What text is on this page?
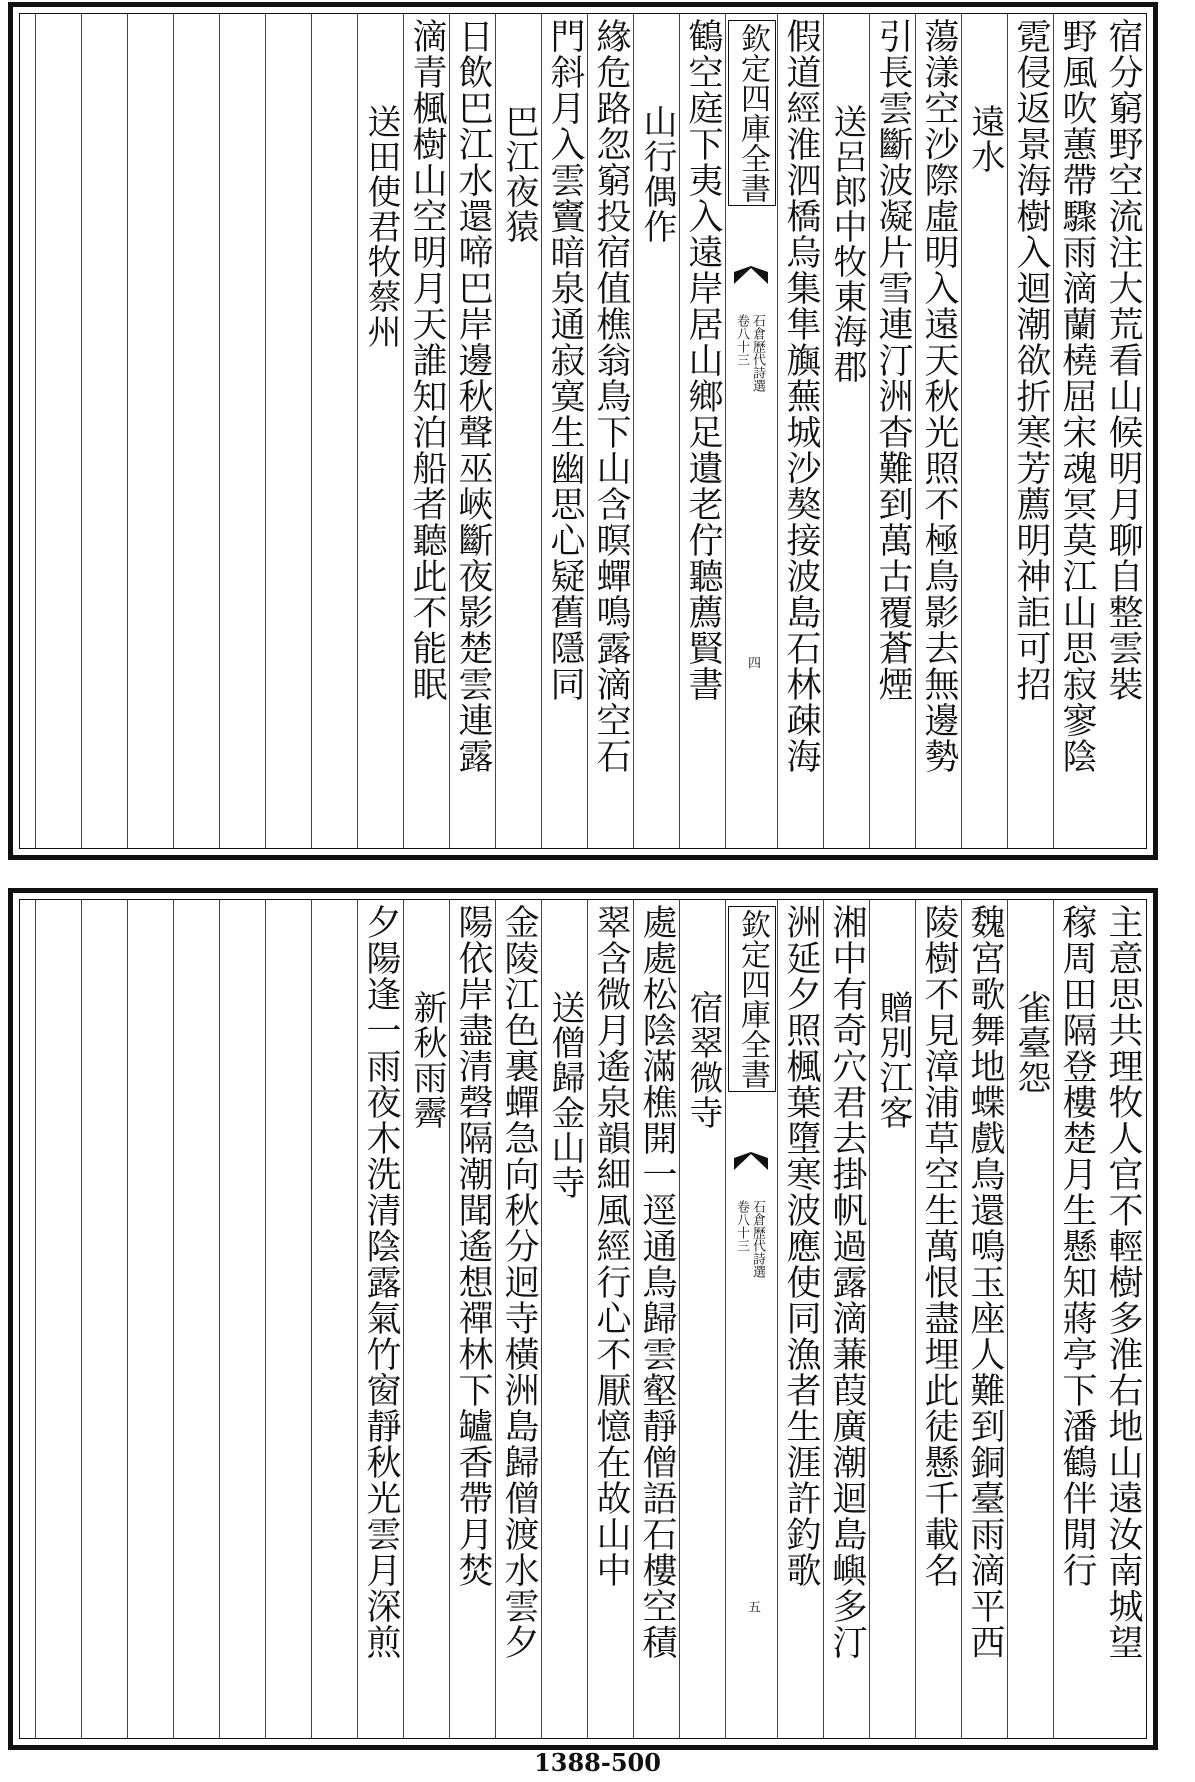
宿分窮野空流注大荒看山候明月聊自整雲裝
野風吹蕙帶驟雨滴蘭橈屈宋魂冥莫江山思寂寥陰
霓侵返景海樹入迴潮欲折寒芳薦明神詎可招
遠水
蕩漾空沙際虛明入遠天秋光照不極鳥影去無邊勢
引長雲斷波凝片雪連汀洲杳難到萬古覆蒼煙
送呂郎中牧東海郡
假道經淮泗橋烏集隼旟蕪城沙獒接波島石林疎海
欽定四庫全書
石倉歷代詩選
卷八十三
四
鶴空庭下夷入遠岸居山鄉足遺老佇聽薦賢書
山行偶作
緣危路忽窮投宿值樵翁鳥下山含暝蟬鳴露滴空石
門斜月入雲竇暗泉通寂寞生幽思心疑舊隱同
巴江夜猿
日飲巴江水還啼巴岸邊秋聲巫峽斷夜影楚雲連露
滴青楓樹山空明月天誰知泊船者聽此不能眠
送田使君牧蔡州
主意思共理牧人官不輕樹多淮右地山遠汝南城望
稼周田隔登樓楚月生懸知蔣亭下潘鶴伴閒行
雀臺怨
魏宮歌舞地蝶戲鳥還鳴玉座人難到銅臺雨滴平西
陵樹不見漳浦草空生萬恨盡埋此徒懸千載名
贈別江客
湘中有奇穴君去掛帆過露滴蒹葭廣潮迴島嶼多汀
洲延夕照楓葉墮寒波應使同漁者生涯許釣歌
欽定四庫全書
石倉歷代詩選
卷八十三
五
宿翠微寺
處處松陰滿樵開一逕通鳥歸雲壑靜僧語石樓空積
翠含微月遙泉韻細風經行心不厭憶在故山中
送僧歸金山寺
金陵江色裏蟬急向秋分迥寺橫洲島歸僧渡水雲夕
陽依岸盡清磬隔潮聞遙想禪林下罏香帶月焚
新秋雨霽
夕陽逢一雨夜木洗清陰露氣竹窗靜秋光雲月深煎
1388-500
